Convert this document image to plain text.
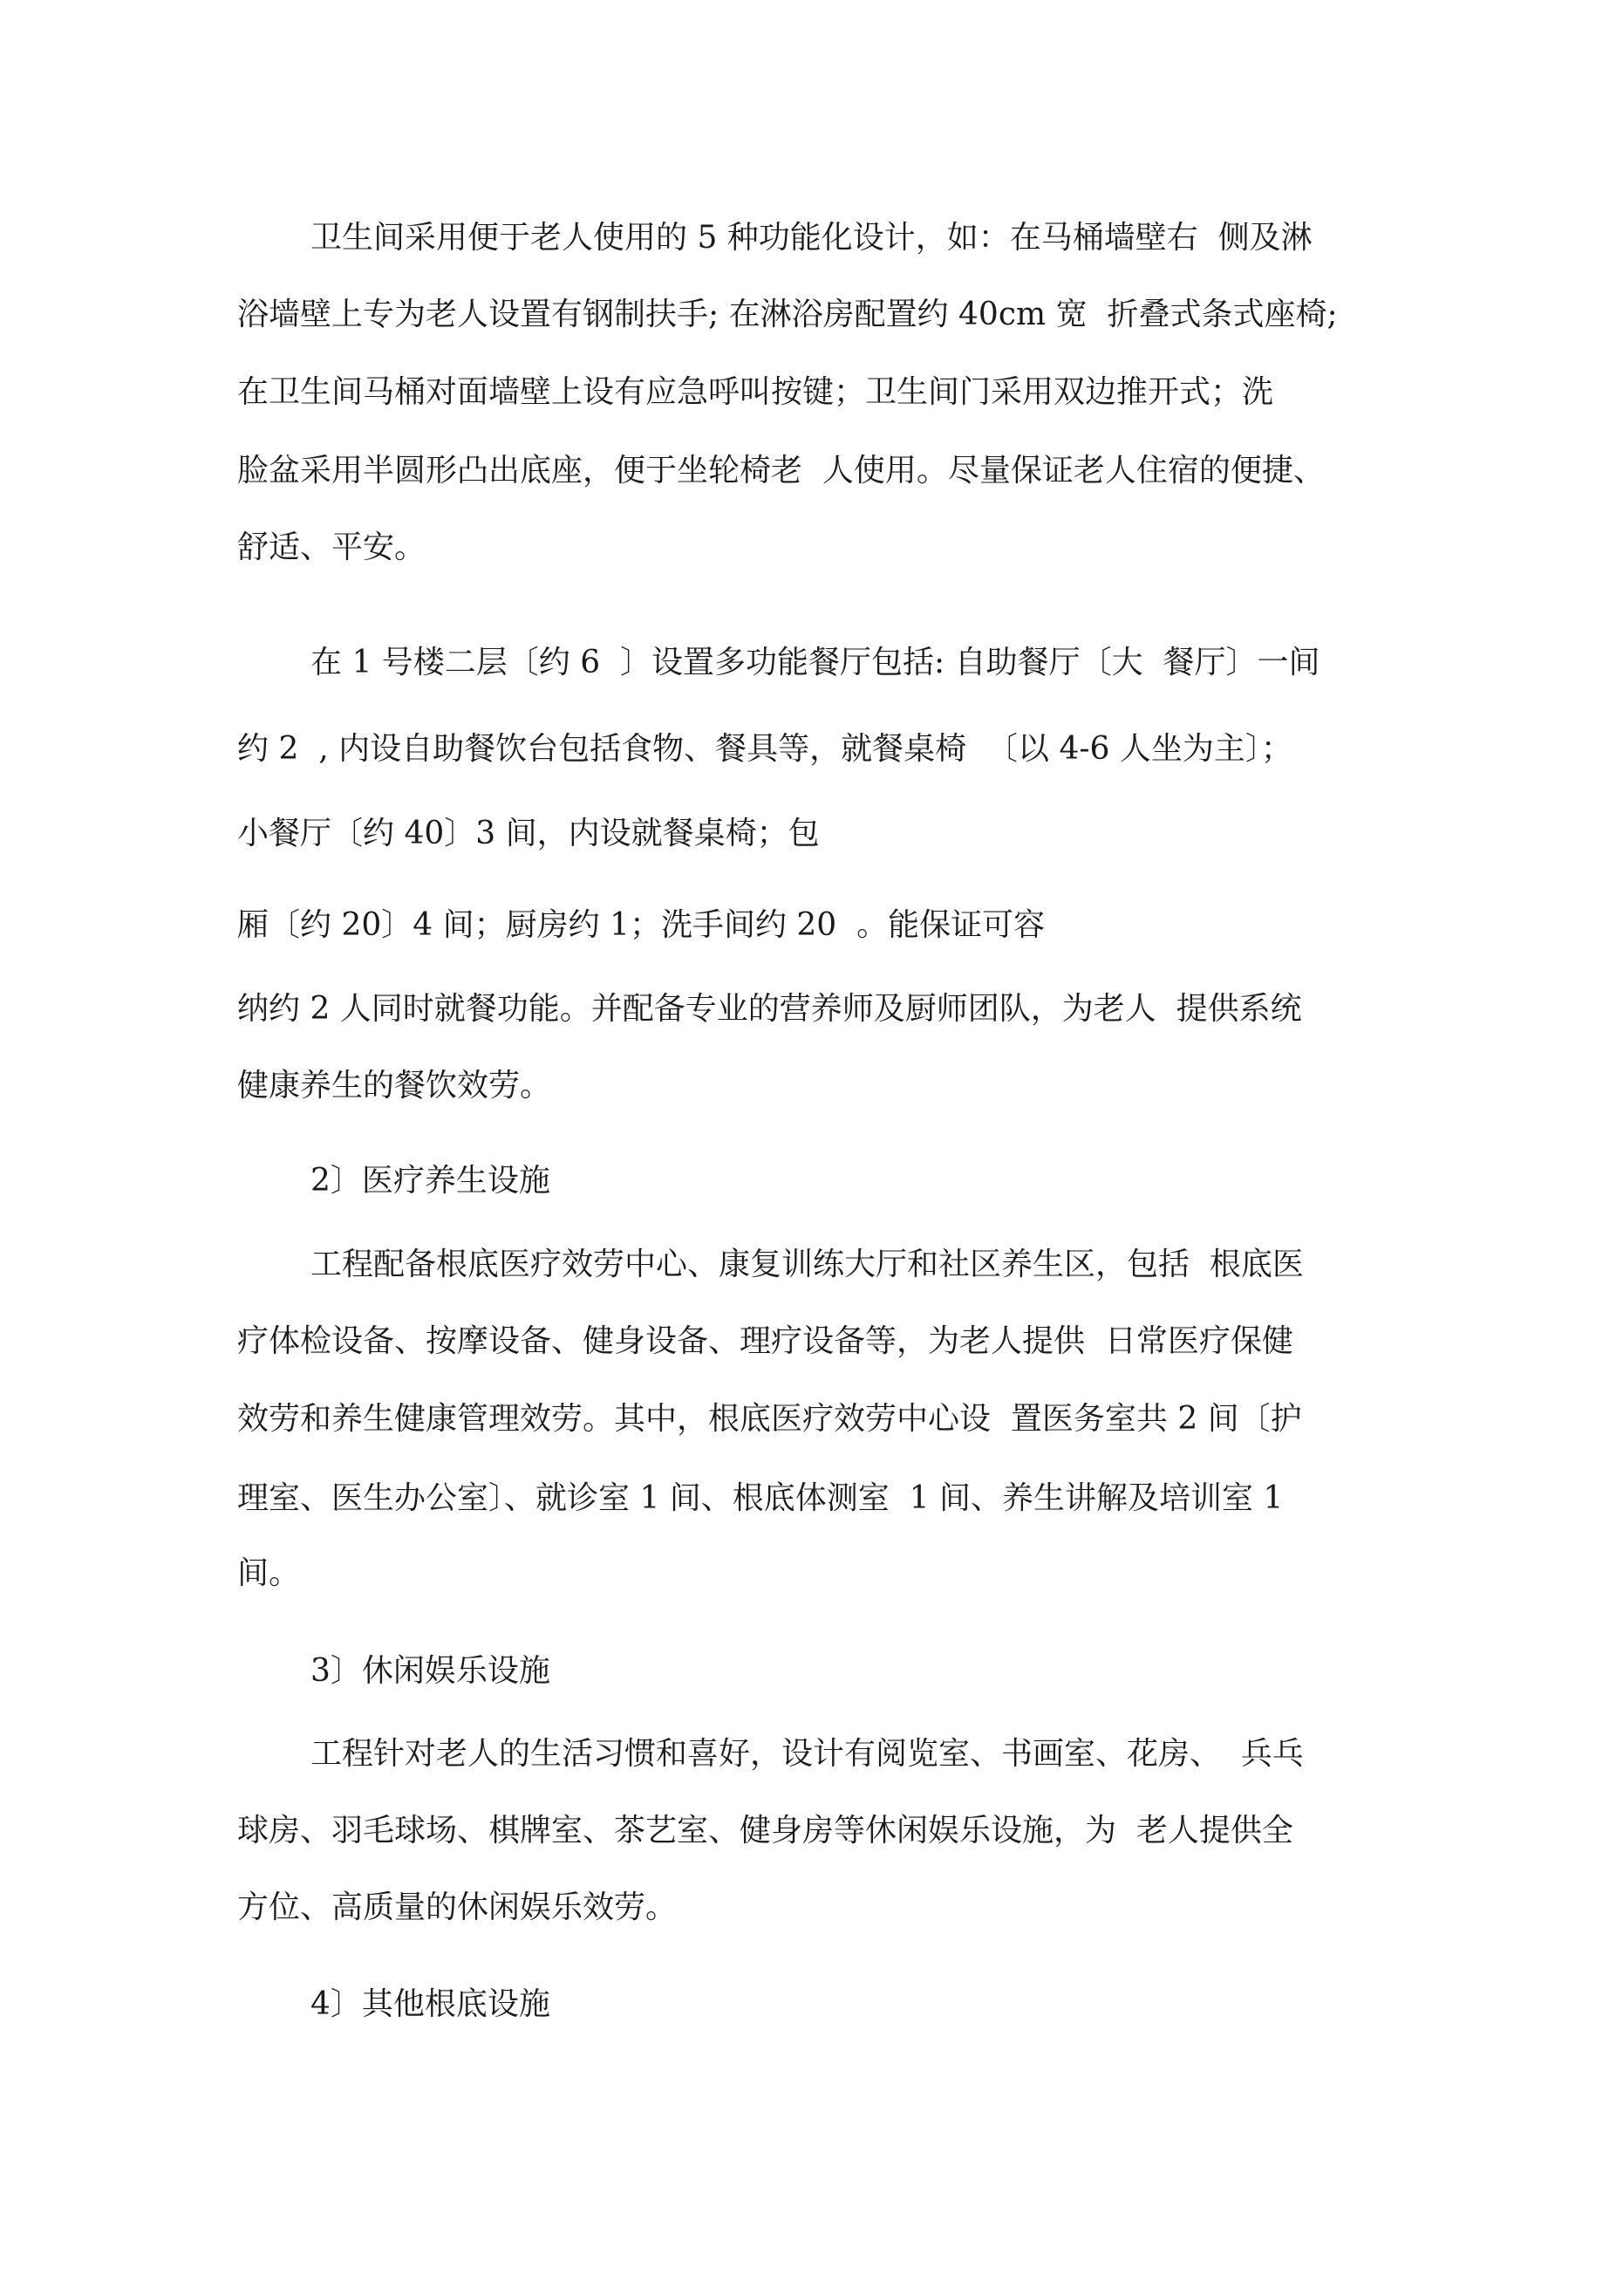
卫生间采用便于老人使用的 5 种功能化设计，如：在马桶墙壁右  侧及淋

浴墙壁上专为老人设置有钢制扶手; 在淋浴房配置约 40cm 宽  折叠式条式座椅;

在卫生间马桶对面墙壁上设有应急呼叫按键；卫生间门采用双边推开式；洗

脸盆采用半圆形凸出底座，便于坐轮椅老  人使用。尽量保证老人住宿的便捷、

舒适、平安。

在 1 号楼二层〔约 6  〕设置多功能餐厅包括: 自助餐厅〔大  餐厅〕一间

约 2  , 内设自助餐饮台包括食物、餐具等，就餐桌椅  〔以 4-6 人坐为主〕；

小餐厅〔约 40〕3 间，内设就餐桌椅；包

厢〔约 20〕4 间；厨房约 1；洗手间约 20  。能保证可容

纳约 2 人同时就餐功能。并配备专业的营养师及厨师团队，为老人  提供系统

健康养生的餐饮效劳。

2〕医疗养生设施

工程配备根底医疗效劳中心、康复训练大厅和社区养生区，包括  根底医

疗体检设备、按摩设备、健身设备、理疗设备等，为老人提供  日常医疗保健

效劳和养生健康管理效劳。其中，根底医疗效劳中心设  置医务室共 2 间〔护

理室、医生办公室〕、就诊室 1 间、根底体测室  1 间、养生讲解及培训室 1

间。

3〕休闲娱乐设施

工程针对老人的生活习惯和喜好，设计有阅览室、书画室、花房、  兵乓

球房、羽毛球场、棋牌室、茶艺室、健身房等休闲娱乐设施，为  老人提供全

方位、高质量的休闲娱乐效劳。

4〕其他根底设施
